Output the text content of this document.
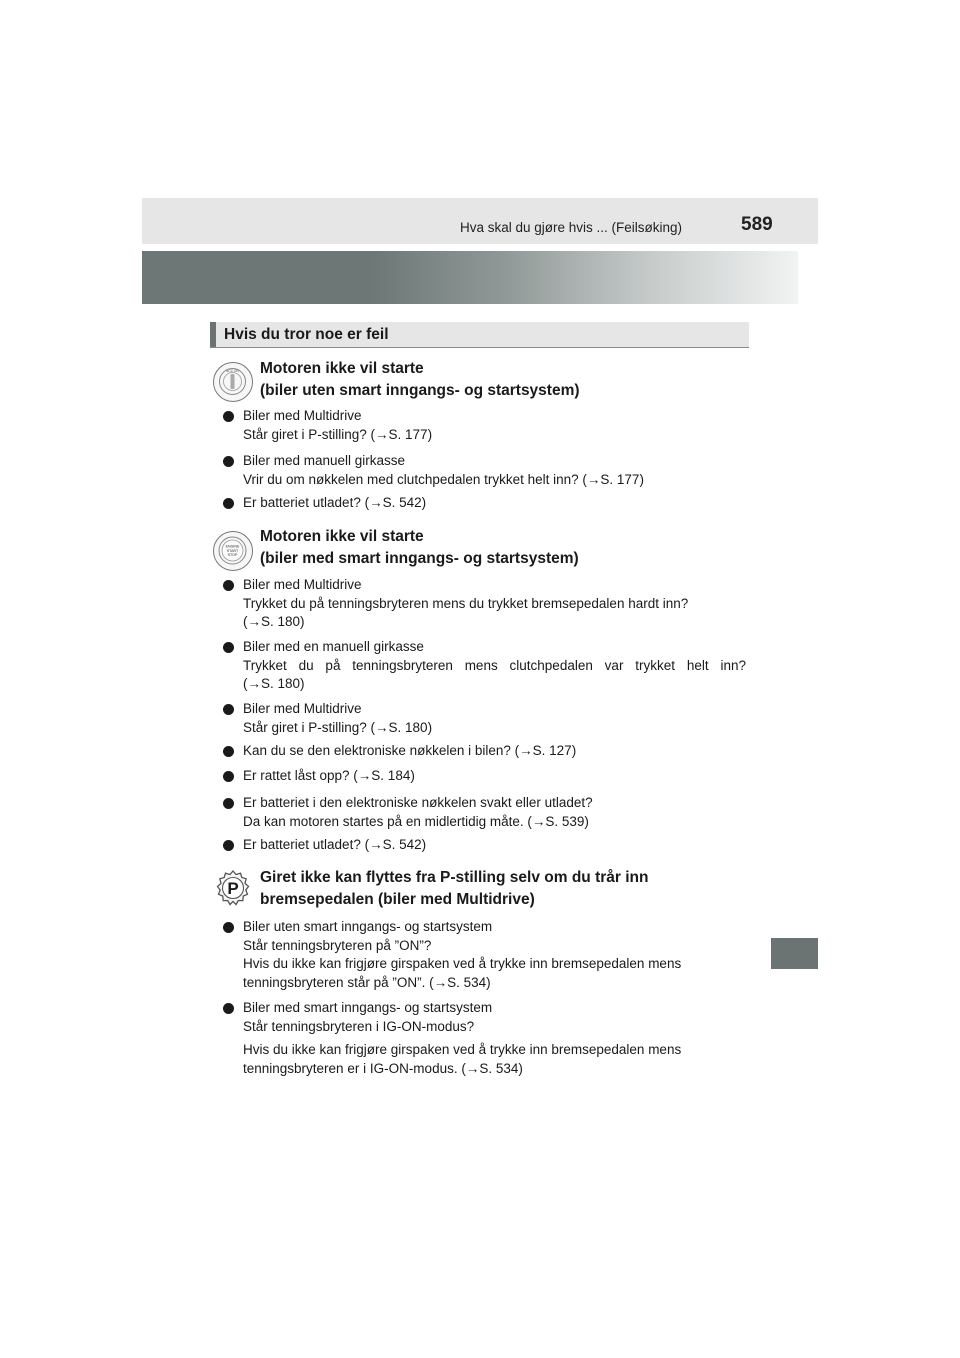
Hva skal du gjøre hvis ... (Feilsøking)	589
Hvis du tror noe er feil
ACC ON Motoren ikke vil starte
(biler uten smart inngangs- og startsystem)
Biler med Multidrive
Står giret i P-stilling? (→S. 177)
Biler med manuell girkasse
Vrir du om nøkkelen med clutchpedalen trykket helt inn? (→S. 177)
Er batteriet utladet? (→S. 542)
ENGINE
START
STOP
Motoren ikke vil starte
(biler med smart inngangs- og startsystem)
Biler med Multidrive
Trykket du på tenningsbryteren mens du trykket bremsepedalen hardt inn?
(→S. 180)
Biler med en manuell girkasse
Trykket du på tenningsbryteren mens clutchpedalen var trykket helt inn?
(→S. 180)
Biler med Multidrive
Står giret i P-stilling? (→S. 180)
Kan du se den elektroniske nøkkelen i bilen? (→S. 127)
Er rattet låst opp? (→S. 184)
Er batteriet i den elektroniske nøkkelen svakt eller utladet?
Da kan motoren startes på en midlertidig måte. (→S. 539)
Er batteriet utladet? (→S. 542)
P
Giret ikke kan flyttes fra P-stilling selv om du trår inn
bremsepedalen (biler med Multidrive)
Biler uten smart inngangs- og startsystem
Står tenningsbryteren på ”ON”?
Hvis du ikke kan frigjøre girspaken ved å trykke inn bremsepedalen mens
tenningsbryteren står på ”ON”. (→S. 534)
Biler med smart inngangs- og startsystem
Står tenningsbryteren i IG-ON-modus?
Hvis du ikke kan frigjøre girspaken ved å trykke inn bremsepedalen mens
tenningsbryteren er i IG-ON-modus. (→S. 534)
